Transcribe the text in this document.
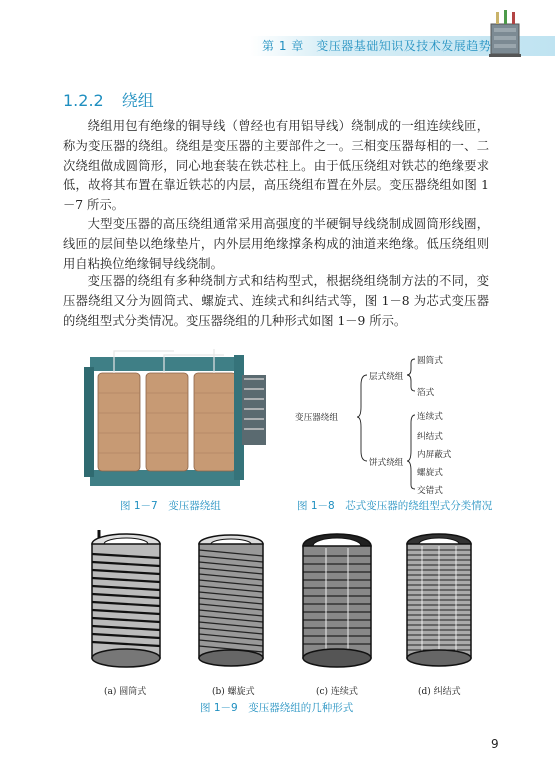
第 1 章　变压器基础知识及技术发展趋势
1.2.2 绕组
绕组用包有绝缘的铜导线（曾经也有用铝导线）绕制成的一组连续线匝，称为变压器的绕组。绕组是变压器的主要部件之一。三相变压器每相的一、二次绕组做成圆筒形，同心地套装在铁芯柱上。由于低压绕组对铁芯的绝缘要求低，故将其布置在靠近铁芯的内层，高压绕组布置在外层。变压器绕组如图 1－7 所示。
大型变压器的高压绕组通常采用高强度的半硬铜导线绕制成圆筒形线圈，线匝的层间垫以绝缘垫片，内外层用绝缘撑条构成的油道来绝缘。低压绕组则用自粘换位绝缘铜导线绕制。
变压器的绕组有多种绕制方式和结构型式，根据绕组绕制方法的不同，变压器绕组又分为圆筒式、螺旋式、连续式和纠结式等，图 1－8 为芯式变压器的绕组型式分类情况。变压器绕组的几种形式如图 1－9 所示。
图 1－7　变压器绕组
变压器绕组
层式绕组
饼式绕组
圆筒式
箔式
连续式
纠结式
内屏蔽式
螺旋式
交错式
图 1－8　芯式变压器的绕组型式分类情况
(a) 圆筒式	(b) 螺旋式	(c) 连续式	(d) 纠结式
图 1－9　变压器绕组的几种形式
9
